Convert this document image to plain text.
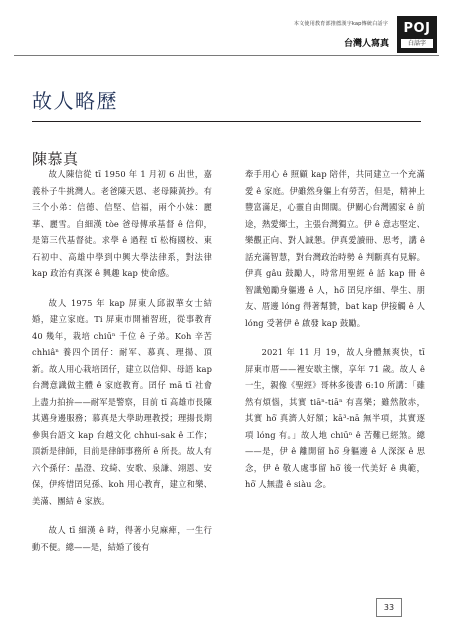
本文使用教育部推薦漢字kap傳統白話字
台灣人寫真
POJ
白話字
故人略歷
陳慕真

故人陳信從 tī 1950 年 1 月初 6 出世，嘉義朴子牛挑灣人。老爸陳天恩、老母陳黃抄。有三个小弟：信德、信堅、信福，兩个小妹：麗華、麗雪。自細漢 tòe 爸母傳承基督 ê 信仰，是第三代基督徒。求學 ê 過程 tī 松梅國校、東石初中、高雄中學到中興大學法律系，對法律 kap 政治有真深 ê 興趣 kap 使命感。

故人 1975 年 kap 屏東人邱淑華女士結婚，建立家庭。Ti 屏東市開補習班，從事教育 40 幾年，栽培 chiūⁿ 千位 ê 子弟。Koh 辛苦 chhiâⁿ 養四个囝仔：耐军、慕真、理揚、頂新。故人用心栽培囝仔，建立以信仰、母語 kap 台灣意識做主體 ê 家庭教育。囝仔 mā tī 社會上盡力拍拚——耐军是警察，目前 tī 高雄市長陳其邁身邊服務；慕真是大學助理教授；理揚長期參與台語文 kap 台越文化 chhui-sak ê 工作；頂新是律師，目前是律師事務所 ê 所長。故人有六个孫仔：晶澄、玟綺、安歌、泉謙、翊恩、安保，伊疼惜囝兒孫、koh 用心教育，建立和樂、美滿、團結 ê 家族。

故人 tī 細漢 ê 時，得著小兒麻痺，一生行動不便。總——是，結婚了後有

牽手用心 ê 照顧 kap 陪伴，共同建立一个充滿愛 ê 家庭。伊雖然身軀上有勞苦，但是，精神上豐富滿足，心靈自由開闊。伊關心台灣國家 ê 前途，熱愛鄉土，主張台灣獨立。伊 ê 意志堅定、樂觀正向、對人誠懇。伊真愛讀冊、思考，講 ê 話充滿智慧，對台灣政治時勢 ê 判斷真有見解。伊真 gâu 鼓勵人，時常用聖經 ê 話 kap 冊 ê 智識勉勵身軀邊 ê 人，hō͘ 囝兒序細、學生、朋友、厝邊 lóng 得著幫贊，bat kap 伊接觸 ê 人 lóng 受著伊 ê 啟發 kap 鼓勵。

2021 年 11 月 19，故人身體無爽快，tī 屏東市厝——裡安歇主懷，享年 71 歲。故人 ê 一生，親像《聖經》哥林多後書 6:10 所講：「雖然有煩惱，其實 tiāⁿ-tiāⁿ 有喜樂；雖然散赤，其實 hō͘ 真濟人好額；kā³-nā 無半項，其實逐項 lóng 有。」故人地 chiūⁿ ê 苦難已經煞。總——是，伊 ê 離開留 hō͘ 身軀邊 ê 人深深 ê 思念，伊 ê 敬人處事留 hō͘ 後一代美好 ê 典範，hō͘ 人無盡 ê siàu 念。

33
